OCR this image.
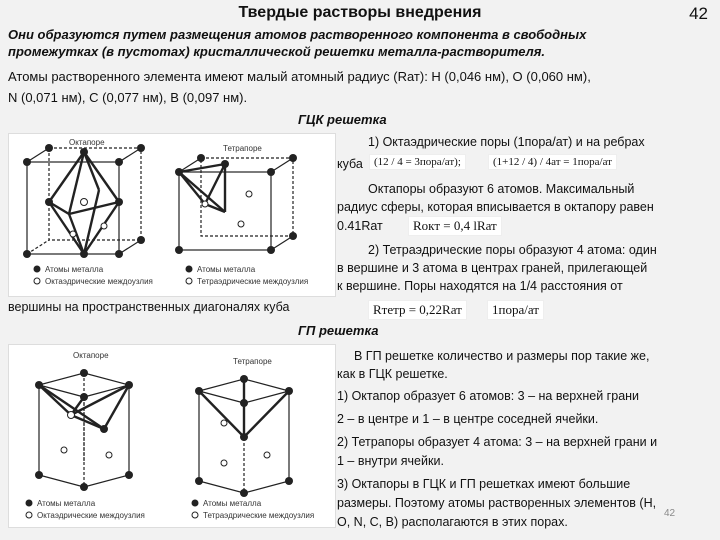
Твердые растворы внедрения	42
Они образуются путем размещения атомов растворенного компонента в свободных промежутках (в пустотах) кристаллической решетки металла-растворителя.
Атомы растворенного элемента имеют малый атомный радиус (Rат): H (0,046 нм), O (0,060 нм),
N (0,071 нм), C (0,077 нм), B (0,097 нм).
ГЦК решетка
Октапоре
Тетрапоре
Атомы металла
Октаэдрические междоузлия
Атомы металла
Тетраэдрические междоузлия
1) Октаэдрические поры (1пора/ат) и на ребрах
куба	(12 / 4 = 3пора/ат);	(1+12 / 4) / 4ат = 1пора/ат
Октапоры образуют 6 атомов. Максимальный
радиус сферы, которая вписывается в октапору равен
0.41Rат	Rокт = 0,4 lRат
2) Тетраэдрические поры образуют 4 атома: один
в вершине и 3 атома в центрах граней, прилегающей
к вершине. Поры находятся на 1/4 расстояния от
вершины на пространственных диагоналях куба	Rтетр = 0,22Rат	1пора/ат
ГП решетка
Октапоре
Тетрапоре
Атомы металла
Октаэдрические междоузлия
Атомы металла
Тетраэдрические междоузлия
В ГП решетке количество и размеры пор такие же,
как в ГЦК решетке.
1) Октапор образует 6 атомов: 3 – на верхней грани
2 – в центре и 1 – в центре соседней ячейки.
2) Тетрапоры образует 4 атома: 3 – на верхней грани и
1 – внутри ячейки.
3) Октапоры в ГЦК и ГП решетках имеют большие
размеры. Поэтому атомы растворенных элементов (H,
O, N, C, B) располагаются в этих порах.
42
